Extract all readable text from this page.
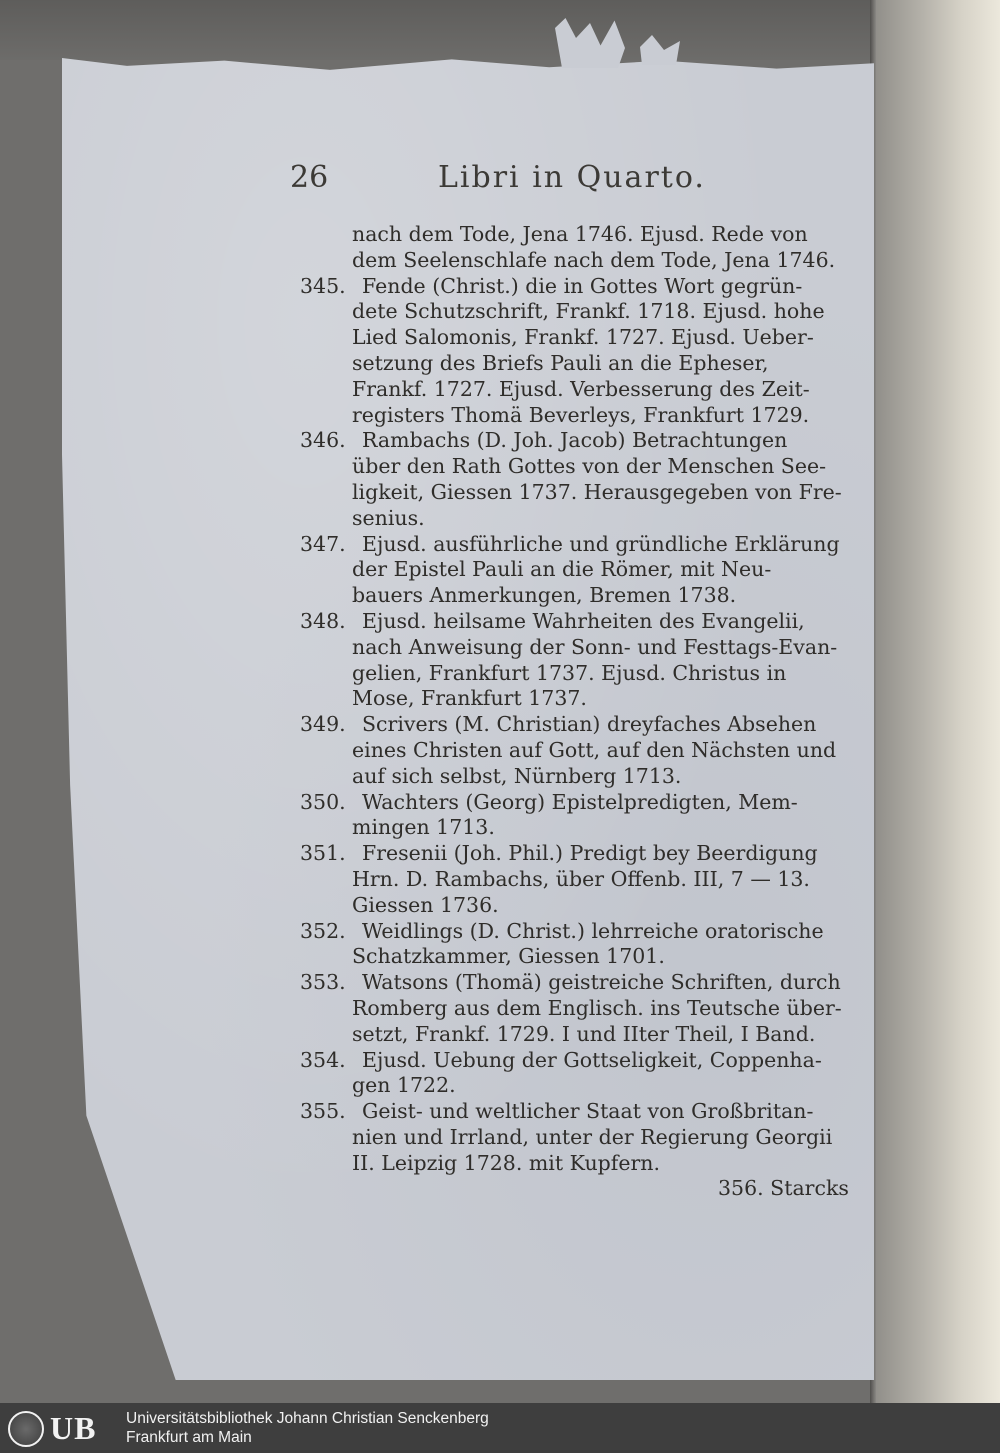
26	Libri in Quarto.
nach dem Tode, Jena 1746. Ejusd. Rede von
dem Seelenschlafe nach dem Tode, Jena 1746.
345. Fende (Christ.) die in Gottes Wort gegrün-
dete Schutzschrift, Frankf. 1718. Ejusd. hohe
Lied Salomonis, Frankf. 1727. Ejusd. Ueber-
setzung des Briefs Pauli an die Epheser,
Frankf. 1727. Ejusd. Verbesserung des Zeit-
registers Thomä Beverleys, Frankfurt 1729.
346. Rambachs (D. Joh. Jacob) Betrachtungen
über den Rath Gottes von der Menschen See-
ligkeit, Giessen 1737. Herausgegeben von Fre-
senius.
347. Ejusd. ausführliche und gründliche Erklärung
der Epistel Pauli an die Römer, mit Neu-
bauers Anmerkungen, Bremen 1738.
348. Ejusd. heilsame Wahrheiten des Evangelii,
nach Anweisung der Sonn- und Festtags-Evan-
gelien, Frankfurt 1737. Ejusd. Christus in
Mose, Frankfurt 1737.
349. Scrivers (M. Christian) dreyfaches Absehen
eines Christen auf Gott, auf den Nächsten und
auf sich selbst, Nürnberg 1713.
350. Wachters (Georg) Epistelpredigten, Mem-
mingen 1713.
351. Fresenii (Joh. Phil.) Predigt bey Beerdigung
Hrn. D. Rambachs, über Offenb. III, 7 — 13.
Giessen 1736.
352. Weidlings (D. Christ.) lehrreiche oratorische
Schatzkammer, Giessen 1701.
353. Watsons (Thomä) geistreiche Schriften, durch
Romberg aus dem Englisch. ins Teutsche über-
setzt, Frankf. 1729. I und IIter Theil, I Band.
354. Ejusd. Uebung der Gottseligkeit, Coppenha-
gen 1722.
355. Geist- und weltlicher Staat von Großbritan-
nien und Irrland, unter der Regierung Georgii
II. Leipzig 1728. mit Kupfern.
356. Starcks
UB Universitätsbibliothek Johann Christian Senckenberg
Frankfurt am Main
